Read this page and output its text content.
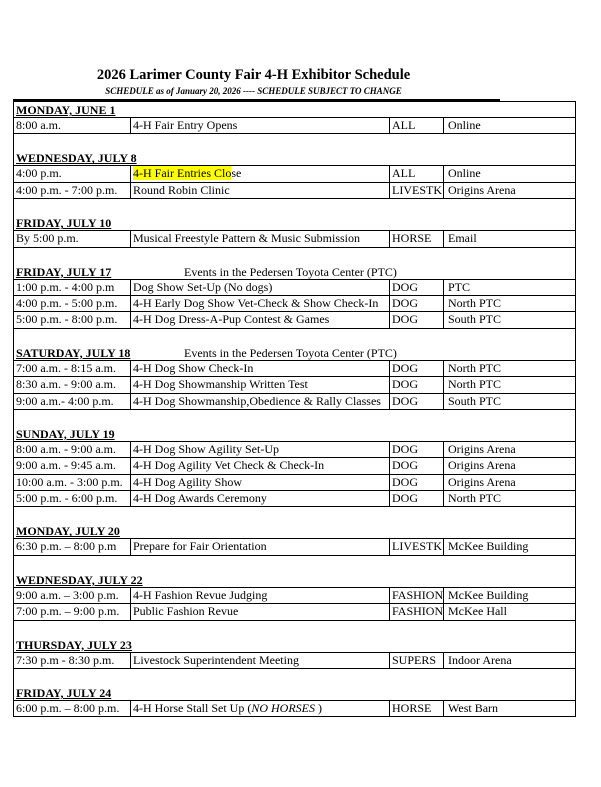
2026 Larimer County Fair 4-H Exhibitor Schedule
SCHEDULE as of January 20, 2026 ---- SCHEDULE SUBJECT TO CHANGE
MONDAY, JUNE 1
8:00 a.m.	4-H Fair Entry Opens	ALL	Online
WEDNESDAY, JULY 8
4:00 p.m.	4-H Fair Entries Close	ALL	Online
4:00 p.m. - 7:00 p.m.	Round Robin Clinic	LIVESTK Origins Arena
FRIDAY, JULY 10
By 5:00 p.m.	Musical Freestyle Pattern & Music Submission	HORSE	Email
FRIDAY, JULY 17	Events in the Pedersen Toyota Center (PTC)
1:00 p.m. - 4:00 p.m	Dog Show Set-Up (No dogs)	DOG	PTC
4:00 p.m. - 5:00 p.m.	4-H Early Dog Show Vet-Check & Show Check-In	DOG	North PTC
5:00 p.m. - 8:00 p.m.	4-H Dog Dress-A-Pup Contest & Games	DOG	South PTC
SATURDAY, JULY 18	Events in the Pedersen Toyota Center (PTC)
7:00 a.m. - 8:15 a.m.	4-H Dog Show Check-In	DOG	North PTC
8:30 a.m. - 9:00 a.m.	4-H Dog Showmanship Written Test	DOG	North PTC
9:00 a.m.- 4:00 p.m.	4-H Dog Showmanship,Obedience & Rally Classes DOG	South PTC
SUNDAY, JULY 19
8:00 a.m. - 9:00 a.m.	4-H Dog Show Agility Set-Up	DOG	Origins Arena
9:00 a.m. - 9:45 a.m.	4-H Dog Agility Vet Check & Check-In	DOG	Origins Arena
10:00 a.m. - 3:00 p.m. 4-H Dog Agility Show	DOG	Origins Arena
5:00 p.m. - 6:00 p.m.	4-H Dog Awards Ceremony	DOG	North PTC
MONDAY, JULY 20
6:30 p.m. – 8:00 p.m	Prepare for Fair Orientation	LIVESTK McKee Building
WEDNESDAY, JULY 22
9:00 a.m. – 3:00 p.m.	4-H Fashion Revue Judging	FASHION McKee Building
7:00 p.m. – 9:00 p.m.	Public Fashion Revue	FASHION McKee Hall
THURSDAY, JULY 23
7:30 p.m - 8:30 p.m.	Livestock Superintendent Meeting	SUPERS Indoor Arena
FRIDAY, JULY 24
6:00 p.m. – 8:00 p.m.	4-H Horse Stall Set Up (NO HORSES )	HORSE	West Barn
